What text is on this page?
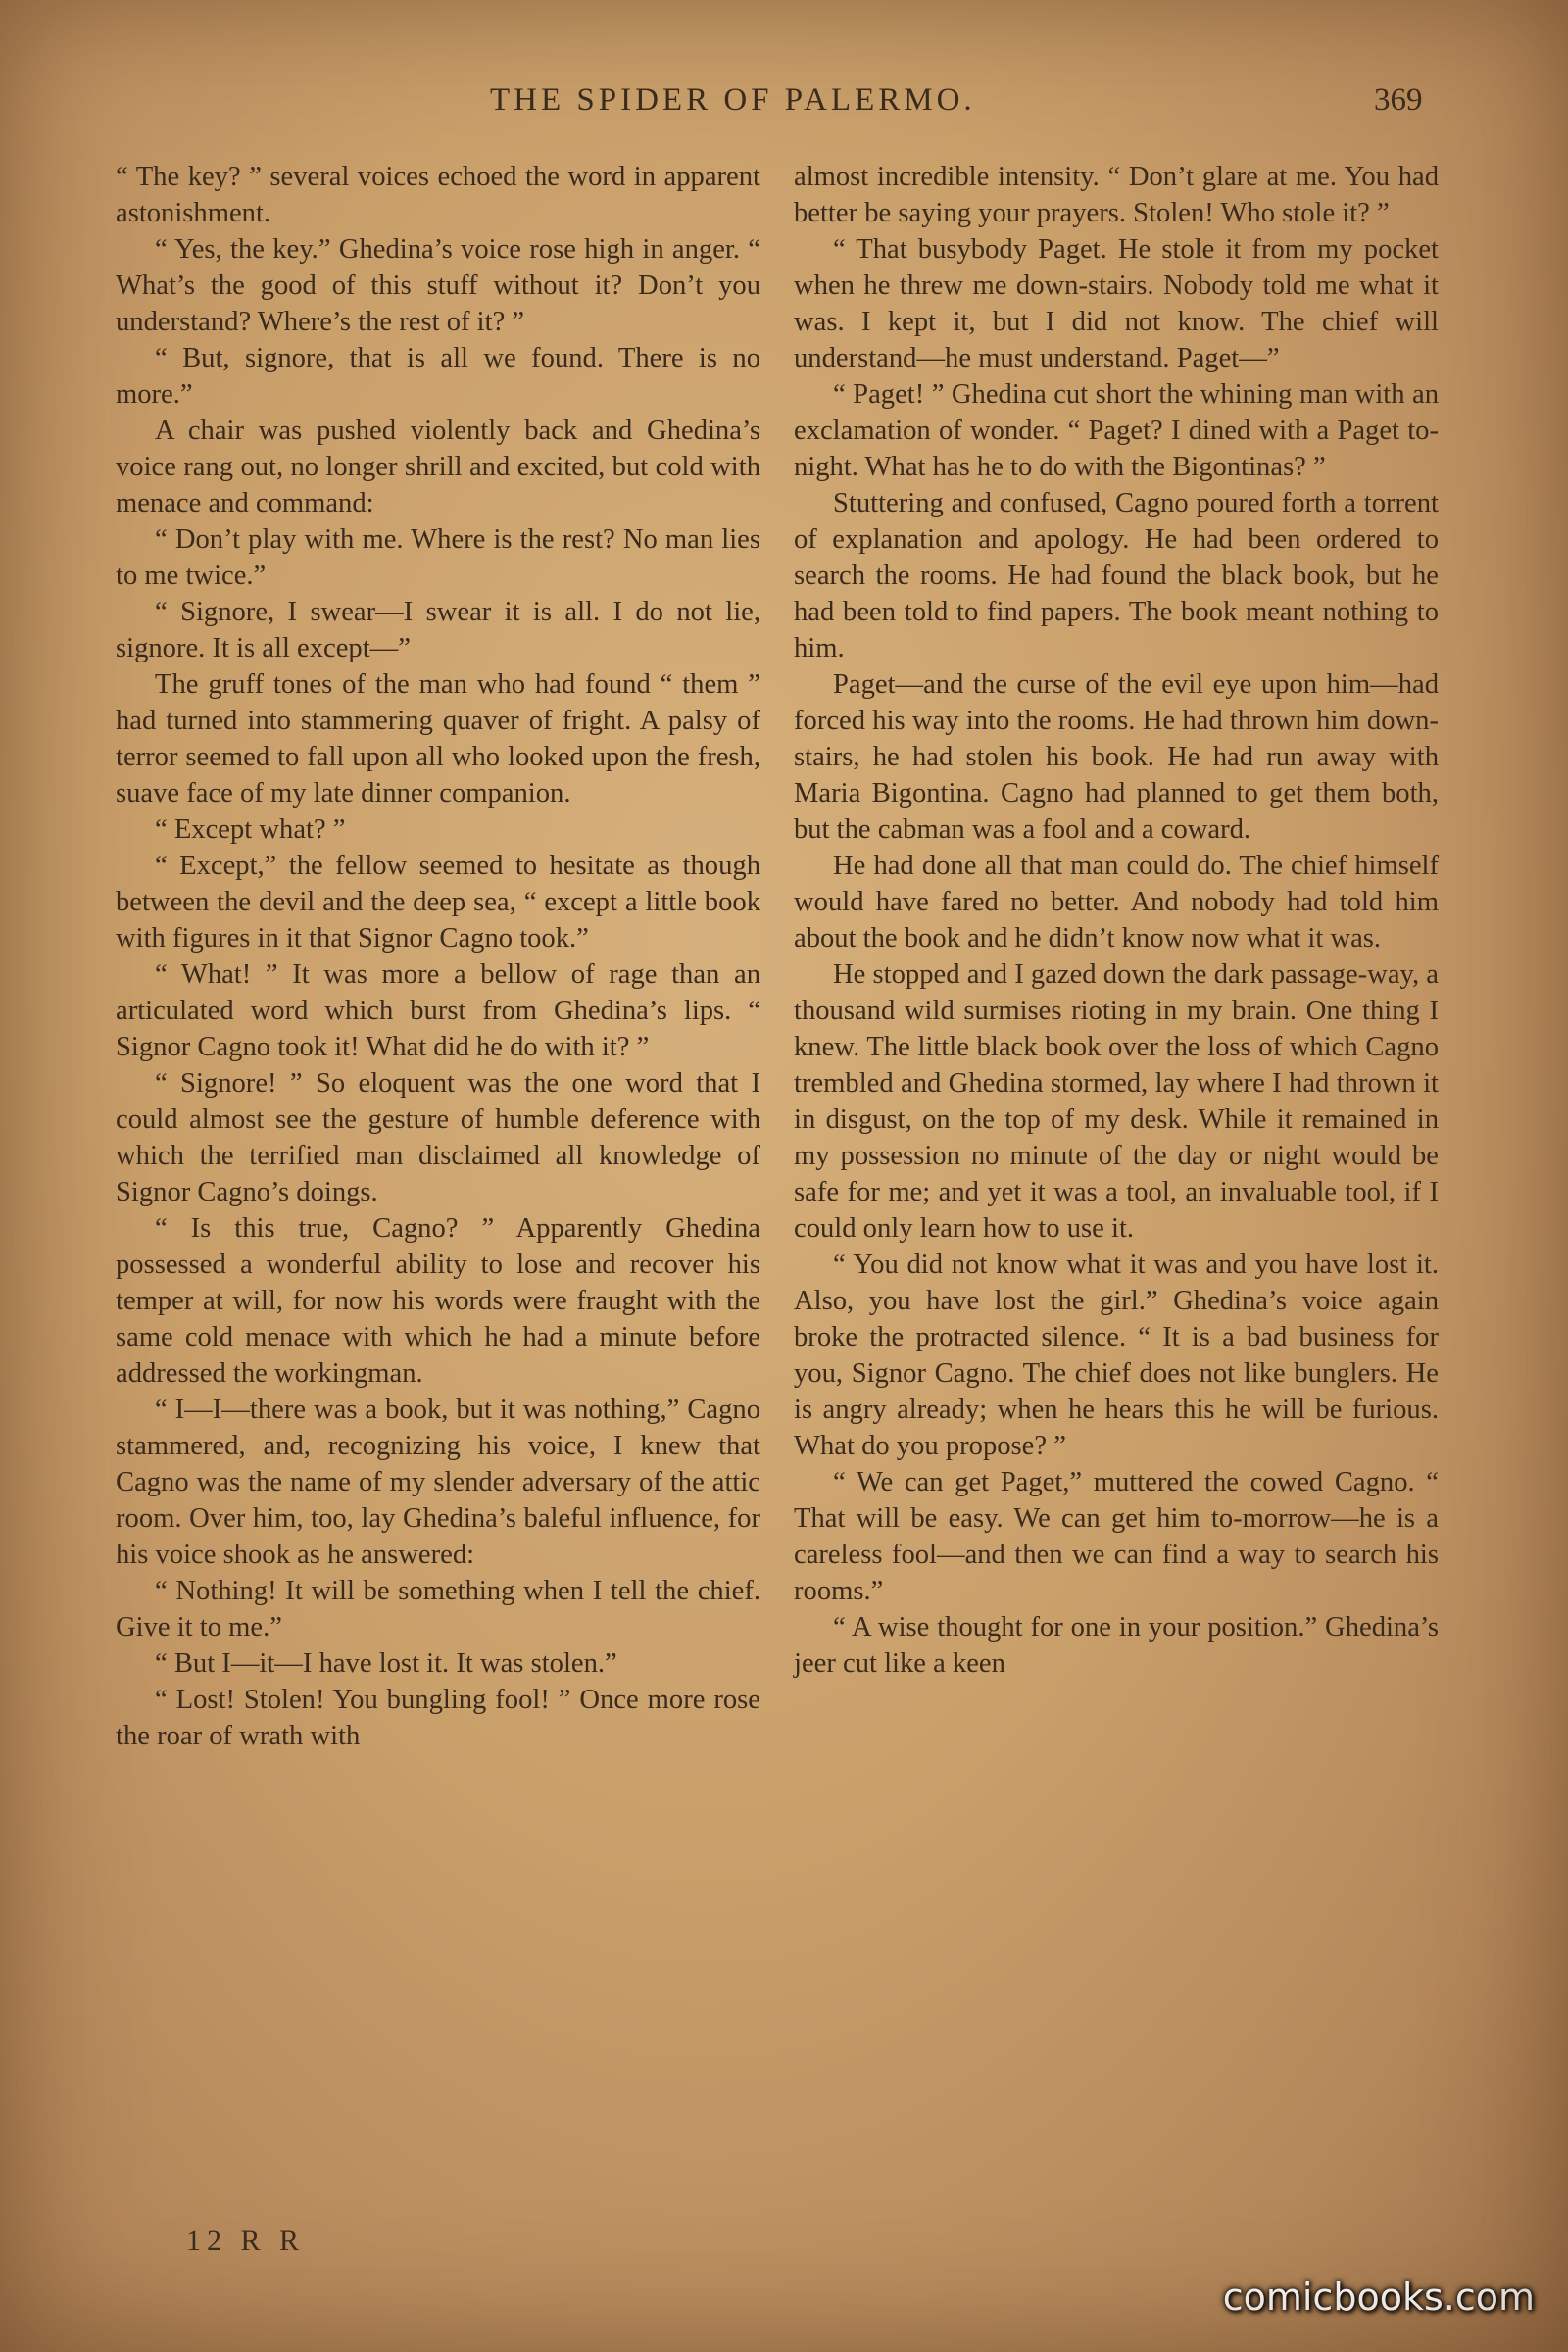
THE SPIDER OF PALERMO.	369

“ The key? ” several voices echoed the word in apparent astonishment.

“ Yes, the key.” Ghedina’s voice rose high in anger. “ What’s the good of this stuff without it? Don’t you understand? Where’s the rest of it? ”

“ But, signore, that is all we found. There is no more.”

A chair was pushed violently back and Ghedina’s voice rang out, no longer shrill and excited, but cold with menace and command:

“ Don’t play with me. Where is the rest? No man lies to me twice.”

“ Signore, I swear—I swear it is all. I do not lie, signore. It is all except—”

The gruff tones of the man who had found “ them ” had turned into stammering quaver of fright. A palsy of terror seemed to fall upon all who looked upon the fresh, suave face of my late dinner companion.

“ Except what? ”

“ Except,” the fellow seemed to hesitate as though between the devil and the deep sea, “ except a little book with figures in it that Signor Cagno took.”

“ What! ” It was more a bellow of rage than an articulated word which burst from Ghedina’s lips. “ Signor Cagno took it! What did he do with it? ”

“ Signore! ” So eloquent was the one word that I could almost see the gesture of humble deference with which the terrified man disclaimed all knowledge of Signor Cagno’s doings.

“ Is this true, Cagno? ” Apparently Ghedina possessed a wonderful ability to lose and recover his temper at will, for now his words were fraught with the same cold menace with which he had a minute before addressed the workingman.

“ I—I—there was a book, but it was nothing,” Cagno stammered, and, recognizing his voice, I knew that Cagno was the name of my slender adversary of the attic room. Over him, too, lay Ghedina’s baleful influence, for his voice shook as he answered:

“ Nothing! It will be something when I tell the chief. Give it to me.”

“ But I—it—I have lost it. It was stolen.”

“ Lost! Stolen! You bungling fool! ” Once more rose the roar of wrath with

almost incredible intensity. “ Don’t glare at me. You had better be saying your prayers. Stolen! Who stole it? ”

“ That busybody Paget. He stole it from my pocket when he threw me down-stairs. Nobody told me what it was. I kept it, but I did not know. The chief will understand—he must understand. Paget—”

“ Paget! ” Ghedina cut short the whining man with an exclamation of wonder. “ Paget? I dined with a Paget to-night. What has he to do with the Bigontinas? ”

Stuttering and confused, Cagno poured forth a torrent of explanation and apology. He had been ordered to search the rooms. He had found the black book, but he had been told to find papers. The book meant nothing to him.

Paget—and the curse of the evil eye upon him—had forced his way into the rooms. He had thrown him down-stairs, he had stolen his book. He had run away with Maria Bigontina. Cagno had planned to get them both, but the cabman was a fool and a coward.

He had done all that man could do. The chief himself would have fared no better. And nobody had told him about the book and he didn’t know now what it was.

He stopped and I gazed down the dark passage-way, a thousand wild surmises rioting in my brain. One thing I knew. The little black book over the loss of which Cagno trembled and Ghedina stormed, lay where I had thrown it in disgust, on the top of my desk. While it remained in my possession no minute of the day or night would be safe for me; and yet it was a tool, an invaluable tool, if I could only learn how to use it.

“ You did not know what it was and you have lost it. Also, you have lost the girl.” Ghedina’s voice again broke the protracted silence. “ It is a bad business for you, Signor Cagno. The chief does not like bunglers. He is angry already; when he hears this he will be furious. What do you propose? ”

“ We can get Paget,” muttered the cowed Cagno. “ That will be easy. We can get him to-morrow—he is a careless fool—and then we can find a way to search his rooms.”

“ A wise thought for one in your position.” Ghedina’s jeer cut like a keen

12 R R
comicbooks.com
